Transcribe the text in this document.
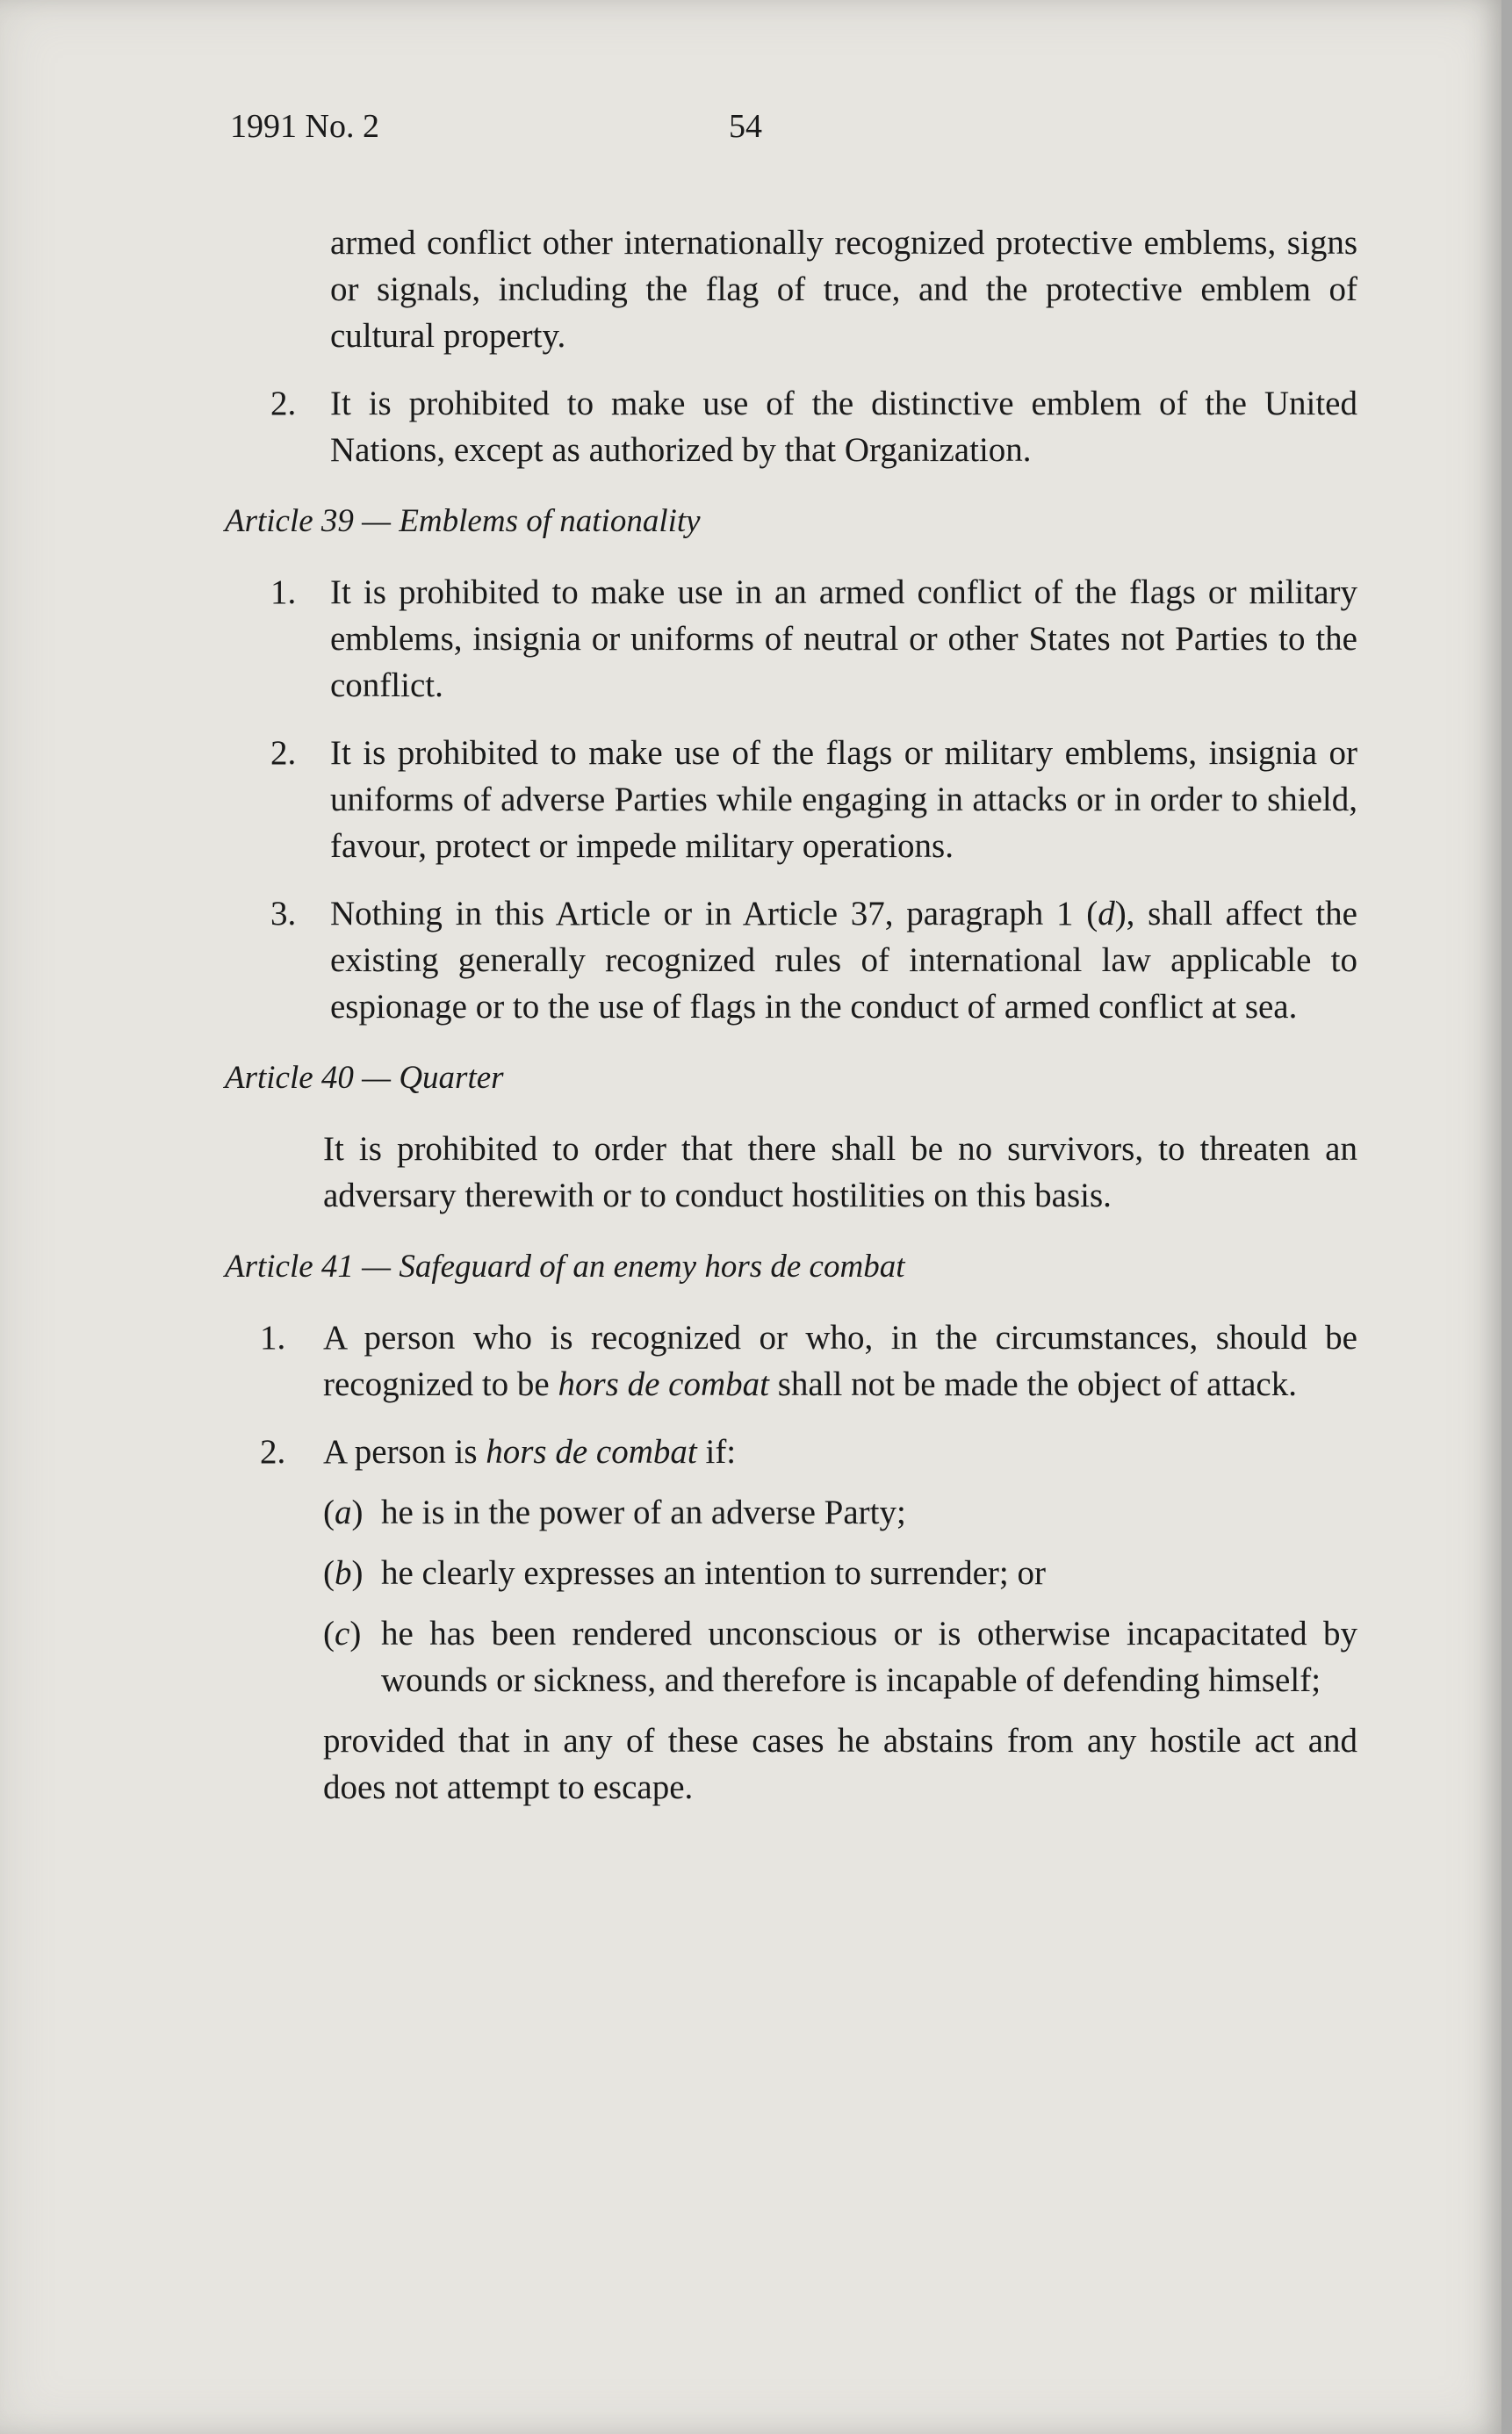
1991 No. 2	54

armed conflict other internationally recognized protective emblems, signs or signals, including the flag of truce, and the protective emblem of cultural property.

2. It is prohibited to make use of the distinctive emblem of the United Nations, except as authorized by that Organization.
Article 39 — Emblems of nationality
1. It is prohibited to make use in an armed conflict of the flags or military emblems, insignia or uniforms of neutral or other States not Parties to the conflict.
2. It is prohibited to make use of the flags or military emblems, insignia or uniforms of adverse Parties while engaging in attacks or in order to shield, favour, protect or impede military operations.
3. Nothing in this Article or in Article 37, paragraph 1 (d), shall affect the existing generally recognized rules of international law applicable to espionage or to the use of flags in the conduct of armed conflict at sea.
Article 40 — Quarter

It is prohibited to order that there shall be no survivors, to threaten an adversary therewith or to conduct hostilities on this basis.

Article 41 — Safeguard of an enemy hors de combat
1. A person who is recognized or who, in the circumstances, should be recognized to be hors de combat shall not be made the object of attack.
2. A person is hors de combat if:
(a) he is in the power of an adverse Party;
(b) he clearly expresses an intention to surrender; or
(c) he has been rendered unconscious or is otherwise incapacitated by wounds or sickness, and therefore is incapable of defending himself;

provided that in any of these cases he abstains from any hostile act and does not attempt to escape.
